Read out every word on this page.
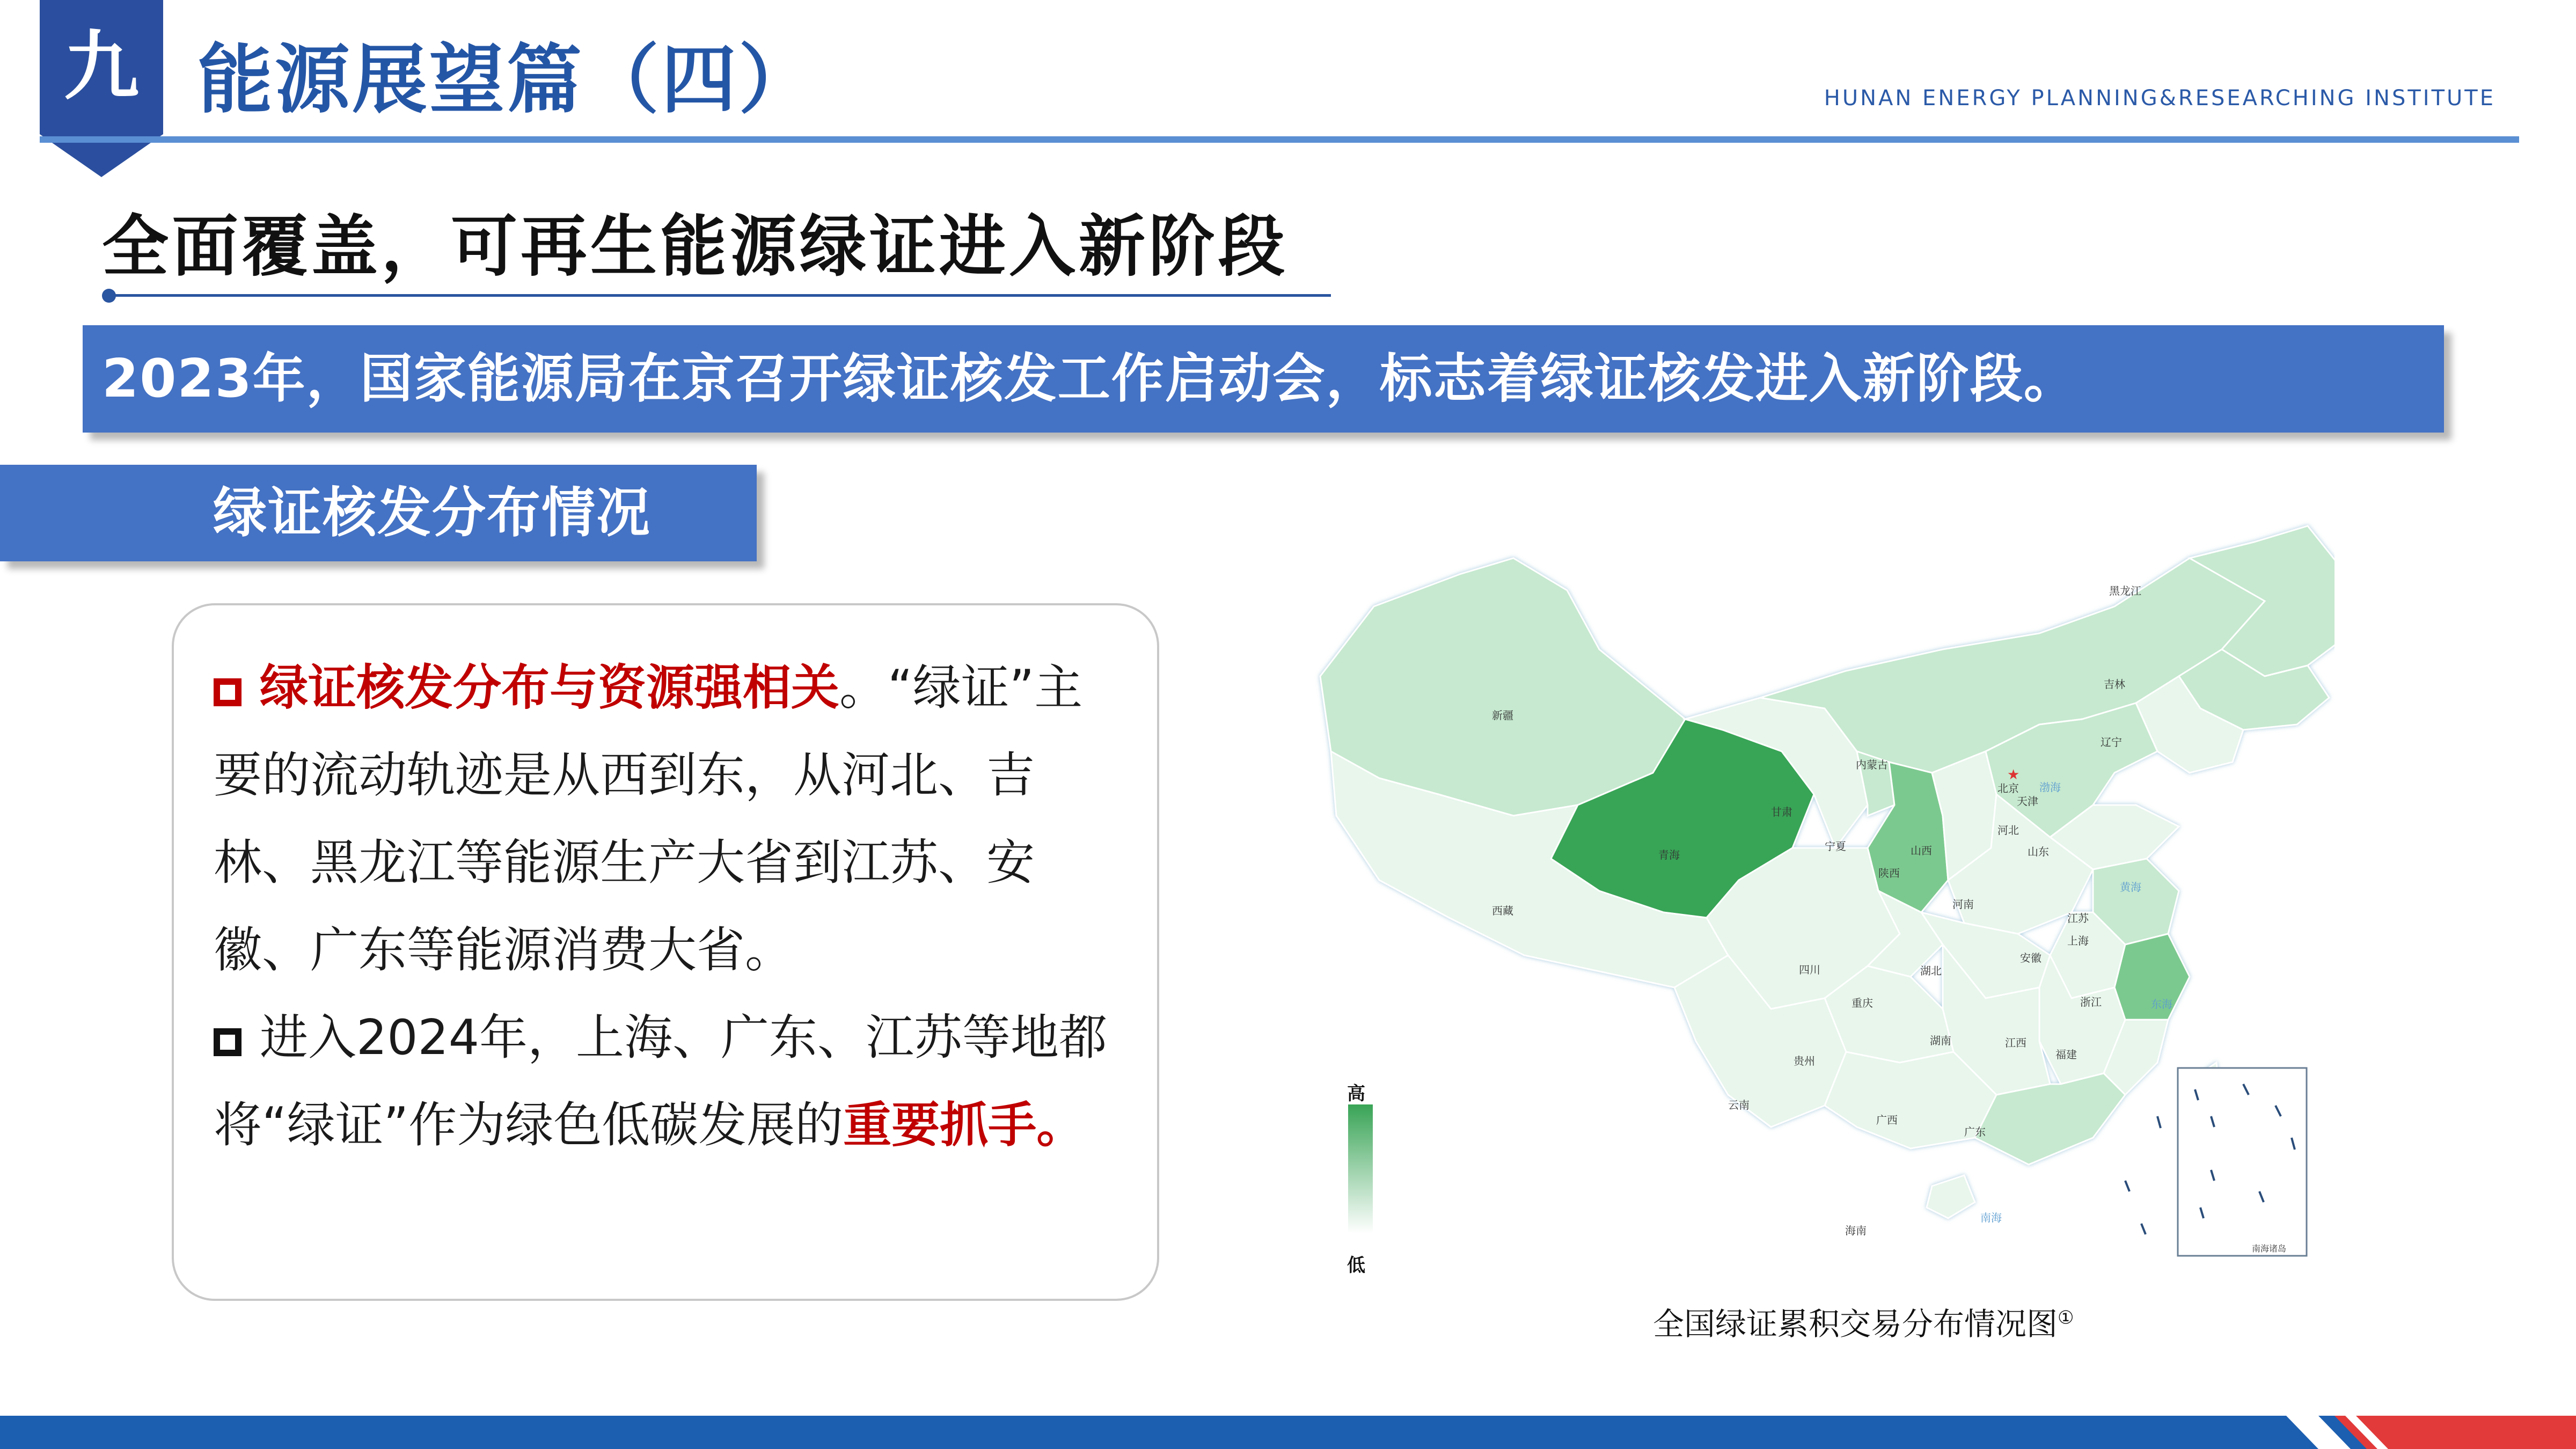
九 能源展望篇（四）	HUNAN ENERGY PLANNING&RESEARCHING INSTITUTE
全面覆盖，可再生能源绿证进入新阶段
2023年，国家能源局在京召开绿证核发工作启动会，标志着绿证核发进入新阶段。
绿证核发分布情况
绿证核发分布与资源强相关。“绿证”主要的流动轨迹是从西到东，从河北、吉林、黑龙江等能源生产大省到江苏、安徽、广东等能源消费大省。
进入2024年，上海、广东、江苏等地都将“绿证”作为绿色低碳发展的重要抓手。
★
黑龙江
吉林
辽宁
新疆
内蒙古
北京
天津
河北
甘肃
宁夏
青海	山西
陕西
山东
河南
江苏
上海
西藏
四川
安徽
湖北
重庆	浙江
湖南	江西
贵州	福建
云南
广西
广东
海南
渤海
黄海
东海
南海
南海诸岛
高
低
全国绿证累积交易分布情况图①
